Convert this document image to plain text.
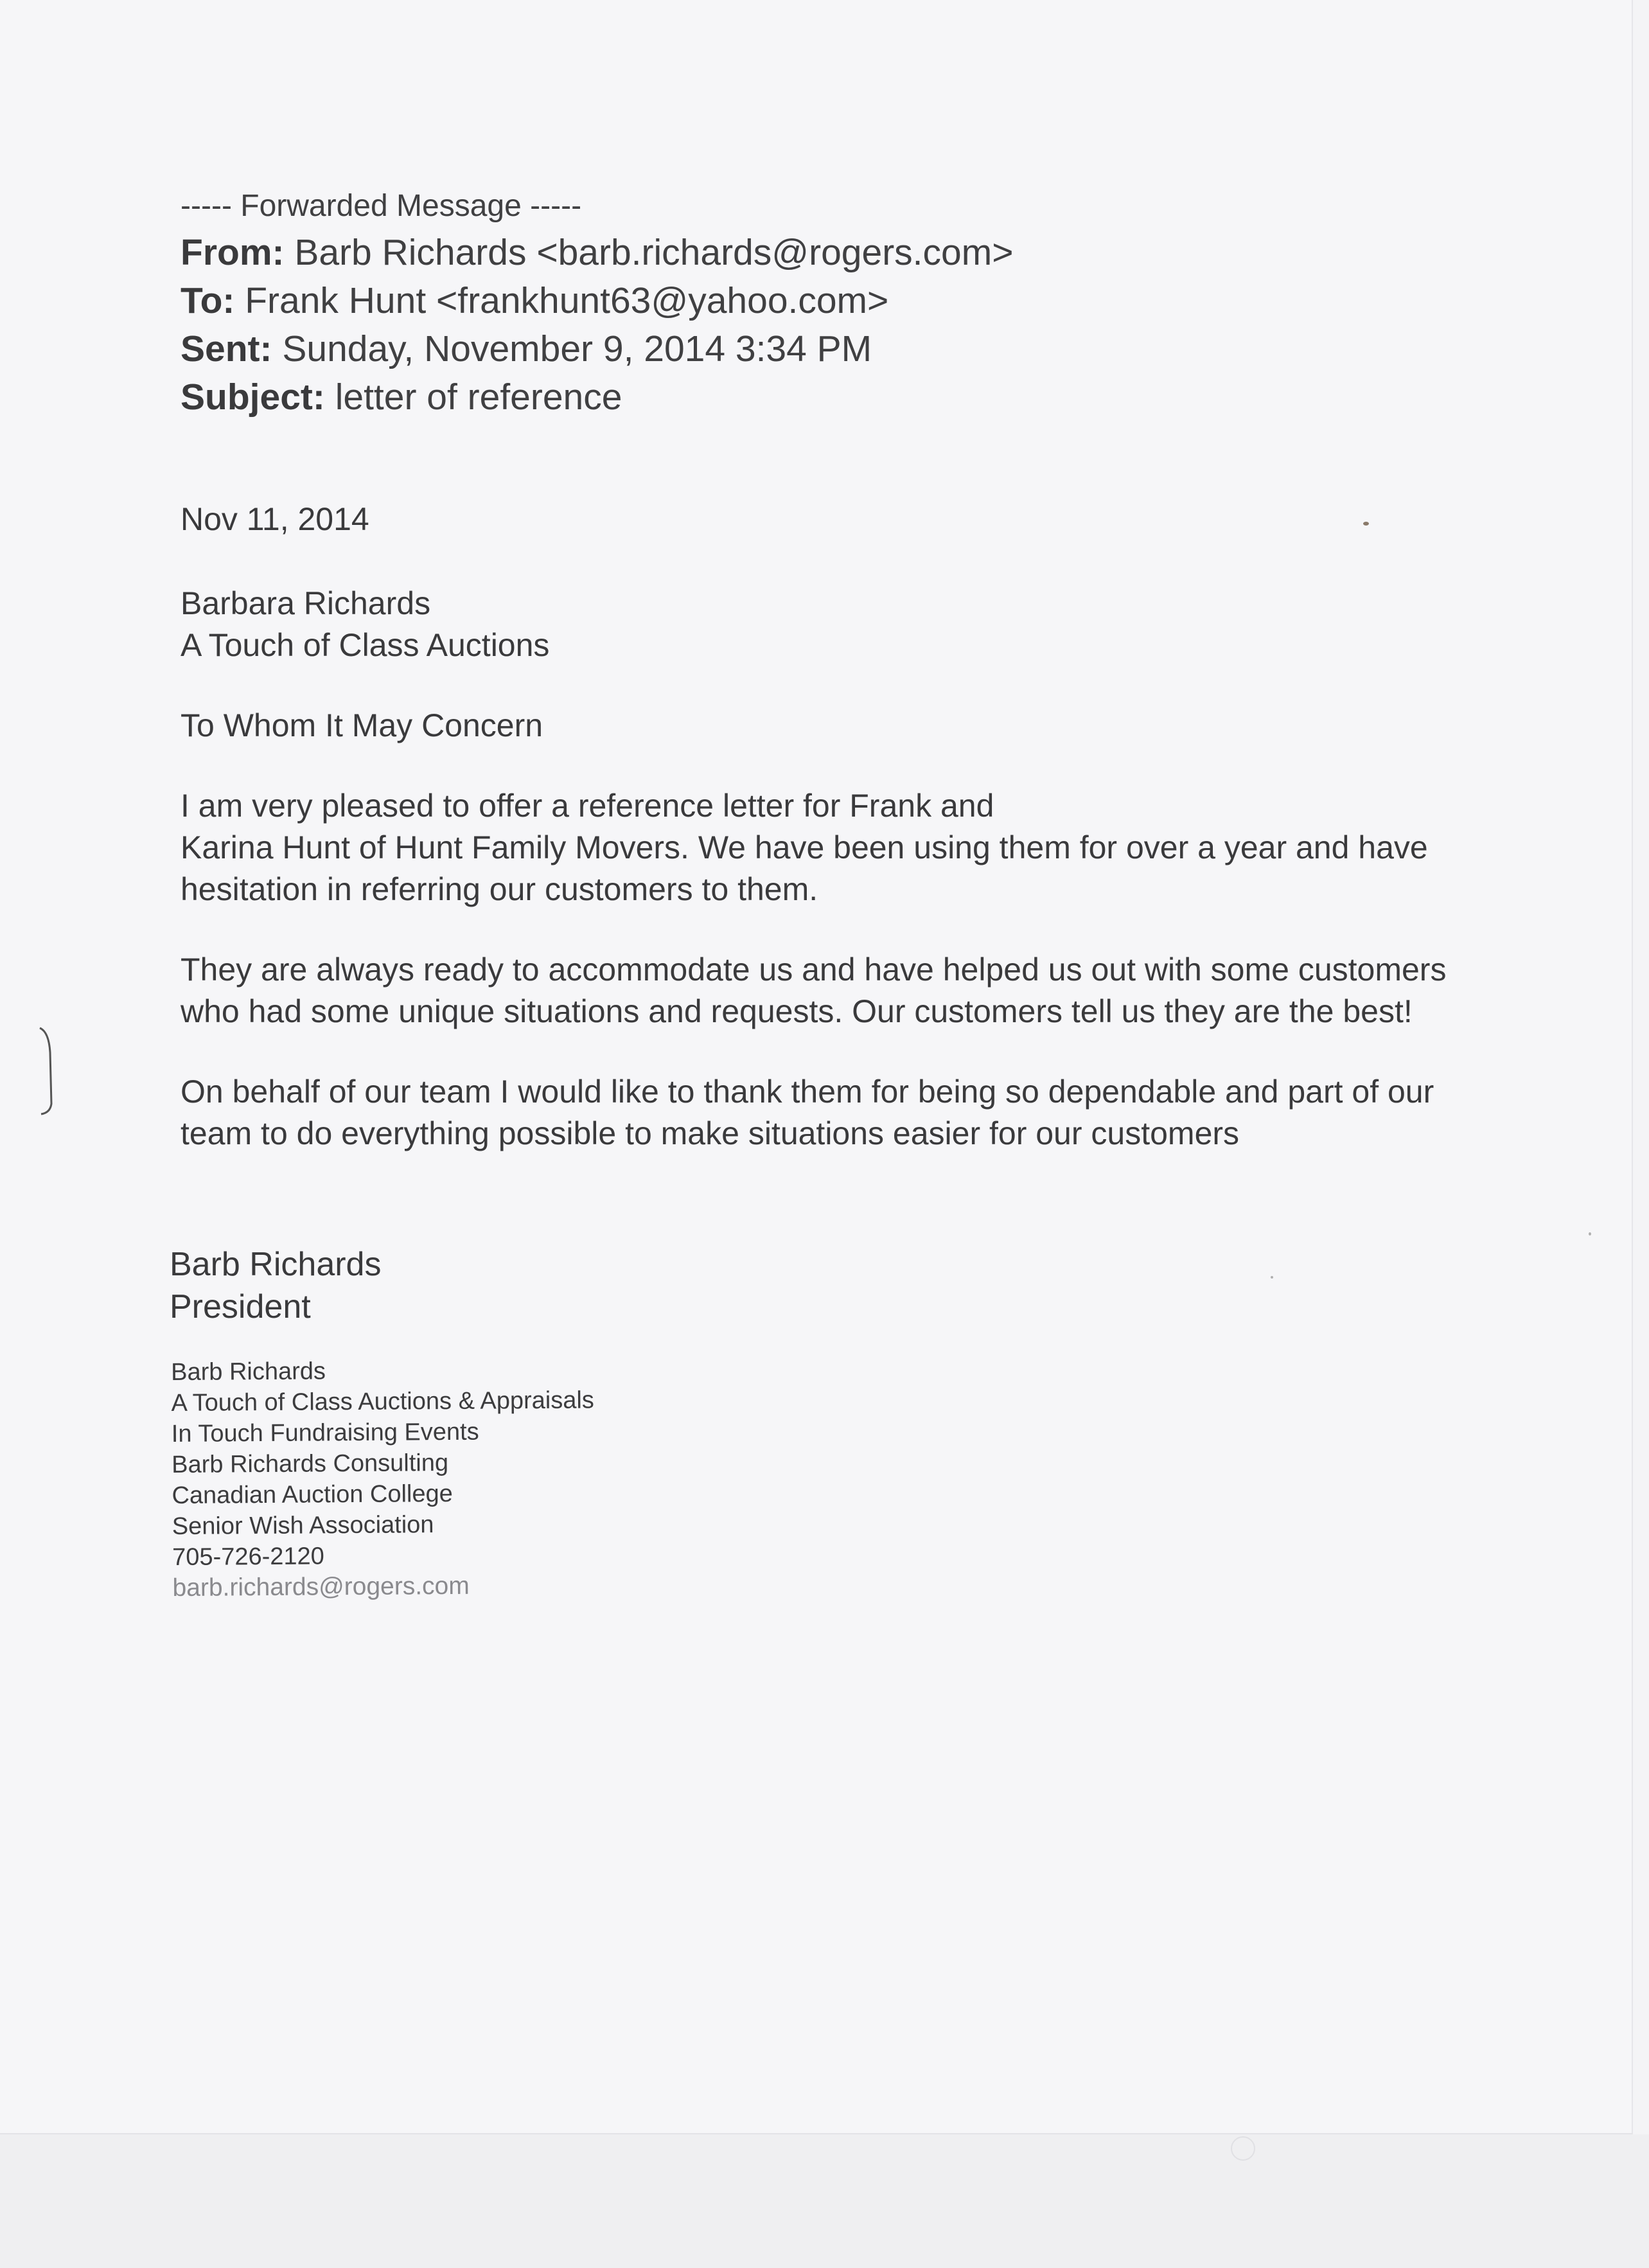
----- Forwarded Message -----
From: Barb Richards <barb.richards@rogers.com>
To: Frank Hunt <frankhunt63@yahoo.com>
Sent: Sunday, November 9, 2014 3:34 PM
Subject: letter of reference
Nov 11, 2014
Barbara Richards
A Touch of Class Auctions
To Whom It May Concern
I am very pleased to offer a reference letter for Frank and
Karina Hunt of Hunt Family Movers. We have been using them for over a year and have
hesitation in referring our customers to them.
They are always ready to accommodate us and have helped us out with some customers
who had some unique situations and requests. Our customers tell us they are the best!
On behalf of our team I would like to thank them for being so dependable and part of our
team to do everything possible to make situations easier for our customers
Barb Richards
President
Barb Richards
A Touch of Class Auctions & Appraisals
In Touch Fundraising Events
Barb Richards Consulting
Canadian Auction College
Senior Wish Association
705-726-2120
barb.richards@rogers.com
